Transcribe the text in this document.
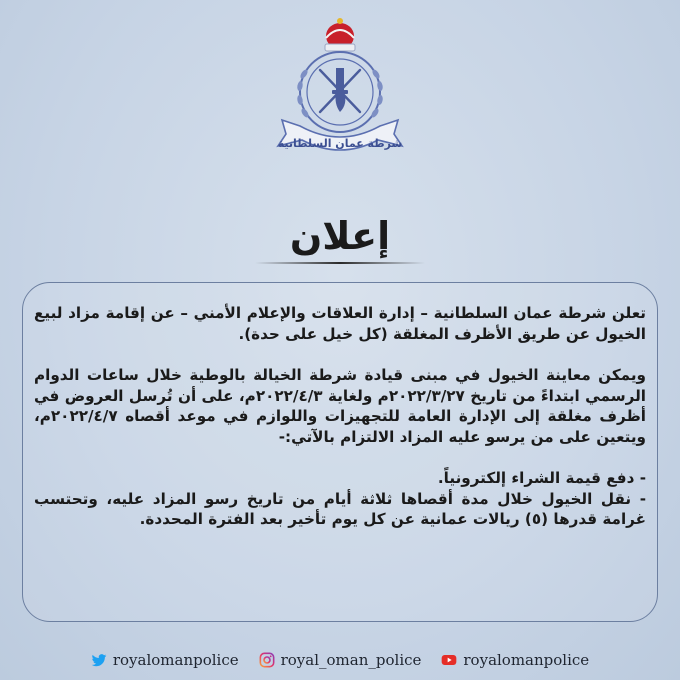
شرطة عمان السلطانية
إعلان

تعلن شرطة عمان السلطانية – إدارة العلاقات والإعلام الأمني – عن إقامة مزاد لبيع الخيول عن طريق الأظرف المغلقة (كل خيل على حدة).

ويمكن معاينة الخيول في مبنى قيادة شرطة الخيالة بالوطية خلال ساعات الدوام الرسمي ابتداءً من تاريخ ٢٠٢٢/٣/٢٧م ولغاية ٢٠٢٢/٤/٣م، على أن تُرسل العروض في أظرف مغلقة إلى الإدارة العامة للتجهيزات واللوازم في موعد أقصاه ٢٠٢٢/٤/٧م، ويتعين على من يرسو عليه المزاد الالتزام بالآتي:-

- دفع قيمة الشراء إلكترونياً.

- نقل الخيول خلال مدة أقصاها ثلاثة أيام من تاريخ رسو المزاد عليه، وتحتسب غرامة قدرها (٥) ريالات عمانية عن كل يوم تأخير بعد الفترة المحددة.

royalomanpolice	royal_oman_police	royalomanpolice
